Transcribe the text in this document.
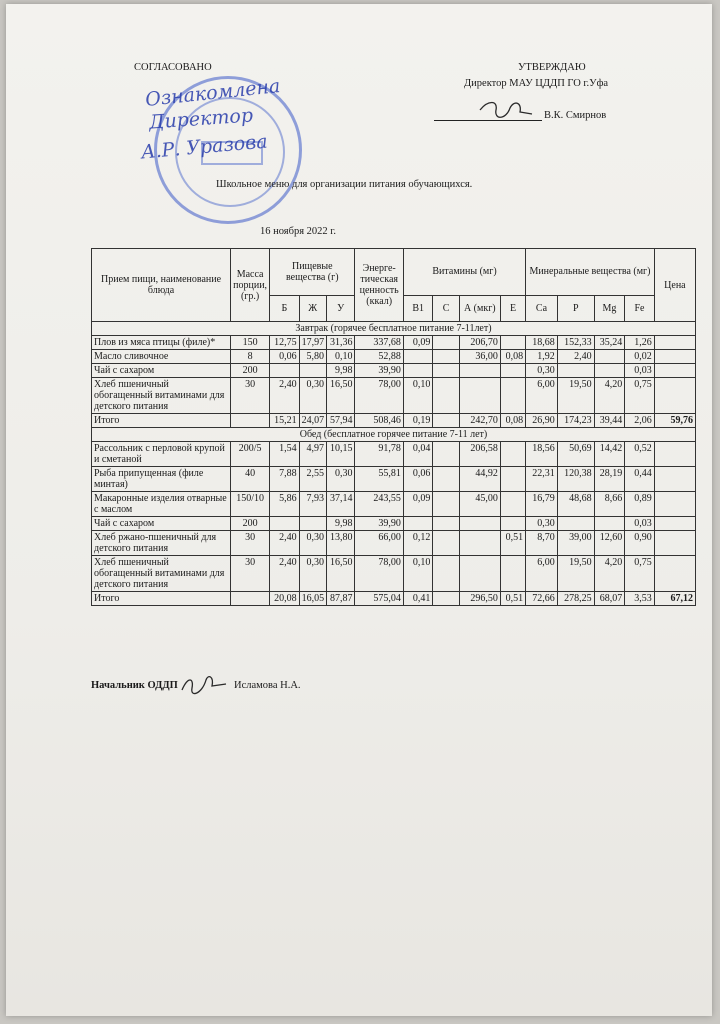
СОГЛАСОВАНО	УТВЕРЖДАЮ
Директор МАУ ЦДДП ГО г.Уфа
В.К. Смирнов
Ознакомлена
Директор
А.Р. Уразова
Школьное меню для организации питания обучающихся.
16 ноября 2022 г.
Прием пищи, наименование блюда	Масса порции, (гр.)	Пищевые вещества (г)			Энерге-тическая ценность (ккал)	Витамины (мг)				Минеральные вещества (мг)				Цена
		Б	Ж	У		В1	С	А (мкг)	Е	Са	Р	Mg	Fe	
Завтрак (горячее бесплатное питание 7-11лет)														
Плов из мяса птицы (филе)*	150	12,75	17,97	31,36	337,68	0,09		206,70		18,68	152,33	35,24	1,26	
Масло сливочное	8	0,06	5,80	0,10	52,88			36,00	0,08	1,92	2,40		0,02	
Чай с сахаром	200			9,98	39,90					0,30			0,03	
Хлеб пшеничный обогащенный витаминами для детского питания	30	2,40	0,30	16,50	78,00	0,10				6,00	19,50	4,20	0,75	
Итого		15,21	24,07	57,94	508,46	0,19		242,70	0,08	26,90	174,23	39,44	2,06	59,76
Обед (бесплатное горячее питание 7-11 лет)														
Рассольник с перловой крупой и сметаной	200/5	1,54	4,97	10,15	91,78	0,04		206,58		18,56	50,69	14,42	0,52	
Рыба припущенная (филе минтая)	40	7,88	2,55	0,30	55,81	0,06		44,92		22,31	120,38	28,19	0,44	
Макаронные изделия отварные с маслом	150/10	5,86	7,93	37,14	243,55	0,09		45,00		16,79	48,68	8,66	0,89	
Чай с сахаром	200			9,98	39,90					0,30			0,03	
Хлеб ржано-пшеничный для детского питания	30	2,40	0,30	13,80	66,00	0,12			0,51	8,70	39,00	12,60	0,90	
Хлеб пшеничный обогащенный витаминами для детского питания	30	2,40	0,30	16,50	78,00	0,10				6,00	19,50	4,20	0,75	
Итого		20,08	16,05	87,87	575,04	0,41		296,50	0,51	72,66	278,25	68,07	3,53	67,12
Начальник ОДДП	Исламова Н.А.
